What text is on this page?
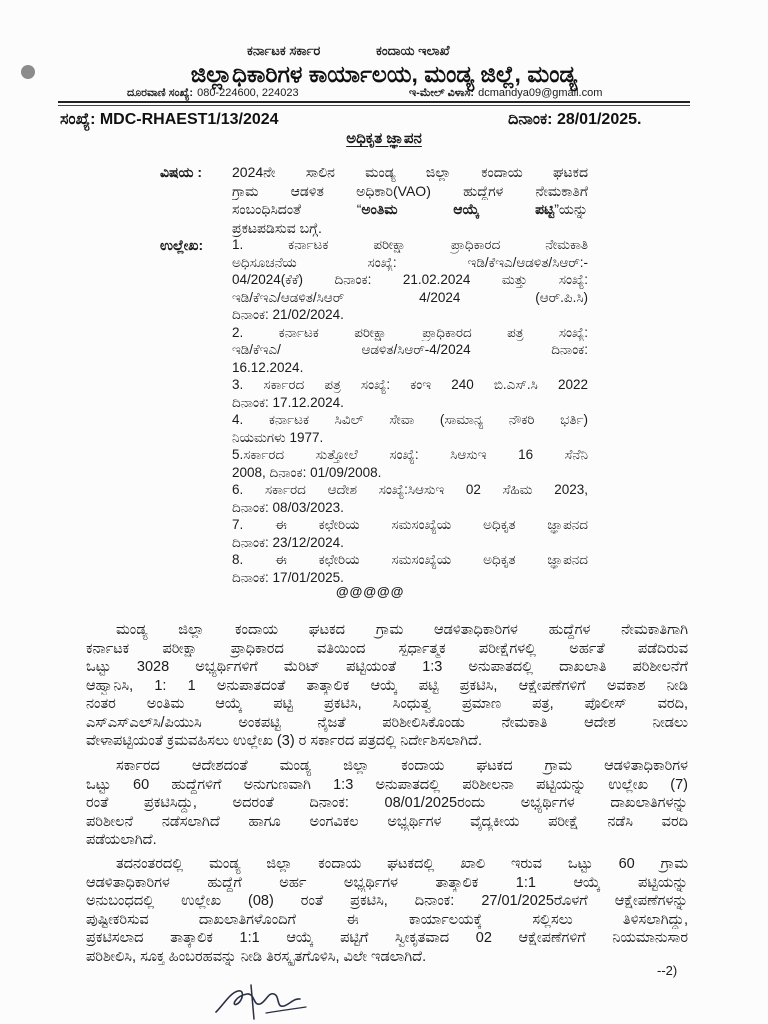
ಕರ್ನಾಟಕ ಸರ್ಕಾರ	ಕಂದಾಯ ಇಲಾಖೆ
ಜಿಲ್ಲಾಧಿಕಾರಿಗಳ ಕಾರ್ಯಾಲಯ, ಮಂಡ್ಯ ಜಿಲ್ಲೆ, ಮಂಡ್ಯ
ದೂರವಾಣಿ ಸಂಖ್ಯೆ: 080-224600, 224023	ಇ-ಮೇಲ್ ವಿಳಾಸ: dcmandya09@gmail.com
ಸಂಖ್ಯೆ: MDC-RHAEST1/13/2024	ದಿನಾಂಕ: 28/01/2025.
ಅಧಿಕೃತ ಜ್ಞಾಪನ
ವಿಷಯ : 2024ನೇ ಸಾಲಿನ ಮಂಡ್ಯ ಜಿಲ್ಲಾ ಕಂದಾಯ ಘಟಕದ
ಗ್ರಾಮ ಆಡಳಿತ ಅಧಿಕಾರಿ(VAO) ಹುದ್ದೆಗಳ ನೇಮಕಾತಿಗೆ
ಸಂಬಂಧಿಸಿದಂತೆ “ಅಂತಿಮ ಆಯ್ಕೆ ಪಟ್ಟಿ”ಯನ್ನು
ಪ್ರಕಟಪಡಿಸುವ ಬಗ್ಗೆ.
ಉಲ್ಲೇಖ: 1. ಕರ್ನಾಟಕ ಪರೀಕ್ಷಾ ಪ್ರಾಧಿಕಾರದ ನೇಮಕಾತಿ
ಅಧಿಸೂಚನೆಯ ಸಂಖ್ಯೆ: ಇಡಿ/ಕೆಇಎ/ಆಡಳಿತ/ಸಿಆರ್:-
04/2024(ಕೆಕೆ) ದಿನಾಂಕ: 21.02.2024 ಮತ್ತು ಸಂಖ್ಯೆ:
ಇಡಿ/ಕೆಇಎ/ಆಡಳಿತ/ಸಿಆರ್ 4/2024 (ಆರ್.ಪಿ.ಸಿ)
ದಿನಾಂಕ: 21/02/2024.
2. ಕರ್ನಾಟಕ ಪರೀಕ್ಷಾ ಪ್ರಾಧಿಕಾರದ ಪತ್ರ ಸಂಖ್ಯೆ:
ಇಡಿ/ಕೆಇಎ/ ಆಡಳಿತ/ಸಿಆರ್-4/2024 ದಿನಾಂಕ:
16.12.2024.
3. ಸರ್ಕಾರದ ಪತ್ರ ಸಂಖ್ಯೆ: ಕಂಇ 240 ಬಿ.ಎಸ್.ಸಿ 2022
ದಿನಾಂಕ: 17.12.2024.
4. ಕರ್ನಾಟಕ ಸಿವಿಲ್ ಸೇವಾ (ಸಾಮಾನ್ಯ ನೌಕರಿ ಭರ್ತಿ)
ನಿಯಮಗಳು 1977.
5.ಸರ್ಕಾರದ ಸುತ್ತೋಲೆ ಸಂಖ್ಯೆ: ಸಿಆಸುಇ 16 ಸೆನೆನಿ
2008, ದಿನಾಂಕ: 01/09/2008.
6. ಸರ್ಕಾರದ ಆದೇಶ ಸಂಖ್ಯೆ:ಸಿಆಸುಇ 02 ಸೆಹಿಮ 2023,
ದಿನಾಂಕ: 08/03/2023.
7. ಈ ಕಛೇರಿಯ ಸಮಸಂಖ್ಯೆಯ ಅಧಿಕೃತ ಜ್ಞಾಪನದ
ದಿನಾಂಕ: 23/12/2024.
8. ಈ ಕಛೇರಿಯ ಸಮಸಂಖ್ಯೆಯ ಅಧಿಕೃತ ಜ್ಞಾಪನದ
ದಿನಾಂಕ: 17/01/2025.
@@@@@
ಮಂಡ್ಯ ಜಿಲ್ಲಾ ಕಂದಾಯ ಘಟಕದ ಗ್ರಾಮ ಆಡಳಿತಾಧಿಕಾರಿಗಳ ಹುದ್ದೆಗಳ ನೇಮಕಾತಿಗಾಗಿ
ಕರ್ನಾಟಕ ಪರೀಕ್ಷಾ ಪ್ರಾಧಿಕಾರದ ವತಿಯಿಂದ ಸ್ಪರ್ಧಾತ್ಮಕ ಪರೀಕ್ಷೆಗಳಲ್ಲಿ ಅರ್ಹತೆ ಪಡೆದಿರುವ
ಒಟ್ಟು 3028 ಅಭ್ಯರ್ಥಿಗಳಿಗೆ ಮೆರಿಟ್ ಪಟ್ಟಿಯಂತೆ 1:3 ಅನುಪಾತದಲ್ಲಿ ದಾಖಲಾತಿ ಪರಿಶೀಲನೆಗೆ
ಆಹ್ವಾನಿಸಿ, 1: 1 ಅನುಪಾತದಂತೆ ತಾತ್ಕಾಲಿಕ ಆಯ್ಕೆ ಪಟ್ಟಿ ಪ್ರಕಟಿಸಿ, ಆಕ್ಷೇಪಣೆಗಳಿಗೆ ಅವಕಾಶ ನೀಡಿ
ನಂತರ ಅಂತಿಮ ಆಯ್ಕೆ ಪಟ್ಟಿ ಪ್ರಕಟಿಸಿ, ಸಿಂಧುತ್ವ ಪ್ರಮಾಣ ಪತ್ರ, ಪೊಲೀಸ್ ವರದಿ,
ಎಸ್‌ಎಸ್‌ಎಲ್‌ಸಿ/ಪಿಯುಸಿ ಅಂಕಪಟ್ಟಿ ನೈಜತೆ ಪರಿಶೀಲಿಸಿಕೊಂಡು ನೇಮಕಾತಿ ಆದೇಶ ನೀಡಲು
ವೇಳಾಪಟ್ಟಿಯಂತೆ ಕ್ರಮವಹಿಸಲು ಉಲ್ಲೇಖ (3) ರ ಸರ್ಕಾರದ ಪತ್ರದಲ್ಲಿ ನಿರ್ದೇಶಿಸಲಾಗಿದೆ.
ಸರ್ಕಾರದ ಆದೇಶದಂತೆ ಮಂಡ್ಯ ಜಿಲ್ಲಾ ಕಂದಾಯ ಘಟಕದ ಗ್ರಾಮ ಆಡಳಿತಾಧಿಕಾರಿಗಳ
ಒಟ್ಟು 60 ಹುದ್ದೆಗಳಿಗೆ ಅನುಗುಣವಾಗಿ 1:3 ಅನುಪಾತದಲ್ಲಿ ಪರಿಶೀಲನಾ ಪಟ್ಟಿಯನ್ನು ಉಲ್ಲೇಖ (7)
ರಂತೆ ಪ್ರಕಟಿಸಿದ್ದು, ಅದರಂತೆ ದಿನಾಂಕ: 08/01/2025ರಂದು ಅಭ್ಯರ್ಥಿಗಳ ದಾಖಲಾತಿಗಳನ್ನು
ಪರಿಶೀಲನೆ ನಡೆಸಲಾಗಿದೆ ಹಾಗೂ ಅಂಗವಿಕಲ ಅಭ್ಯರ್ಥಿಗಳ ವೈದ್ಯಕೀಯ ಪರೀಕ್ಷೆ ನಡೆಸಿ ವರದಿ
ಪಡೆಯಲಾಗಿದೆ.
ತದನಂತರದಲ್ಲಿ ಮಂಡ್ಯ ಜಿಲ್ಲಾ ಕಂದಾಯ ಘಟಕದಲ್ಲಿ ಖಾಲಿ ಇರುವ ಒಟ್ಟು 60 ಗ್ರಾಮ
ಆಡಳಿತಾಧಿಕಾರಿಗಳ ಹುದ್ದೆಗೆ ಅರ್ಹ ಅಭ್ಯರ್ಥಿಗಳ ತಾತ್ಕಾಲಿಕ 1:1 ಆಯ್ಕೆ ಪಟ್ಟಿಯನ್ನು
ಅನುಬಂಧದಲ್ಲಿ ಉಲ್ಲೇಖ (08) ರಂತೆ ಪ್ರಕಟಿಸಿ, ದಿನಾಂಕ: 27/01/2025ರೊಳಗೆ ಆಕ್ಷೇಪಣೆಗಳನ್ನು
ಪುಷ್ಟೀಕರಿಸುವ ದಾಖಲಾತಿಗಳೊಂದಿಗೆ ಈ ಕಾರ್ಯಾಲಯಕ್ಕೆ ಸಲ್ಲಿಸಲು ತಿಳಿಸಲಾಗಿದ್ದು,
ಪ್ರಕಟಿಸಲಾದ ತಾತ್ಕಾಲಿಕ 1:1 ಆಯ್ಕೆ ಪಟ್ಟಿಗೆ ಸ್ವೀಕೃತವಾದ 02 ಆಕ್ಷೇಪಣೆಗಳಿಗೆ ನಿಯಮಾನುಸಾರ
ಪರಿಶೀಲಿಸಿ, ಸೂಕ್ತ ಹಿಂಬರಹವನ್ನು ನೀಡಿ ತಿರಸ್ಕೃತಗೊಳಿಸಿ, ವಿಲೇ ಇಡಲಾಗಿದೆ.
--2)
